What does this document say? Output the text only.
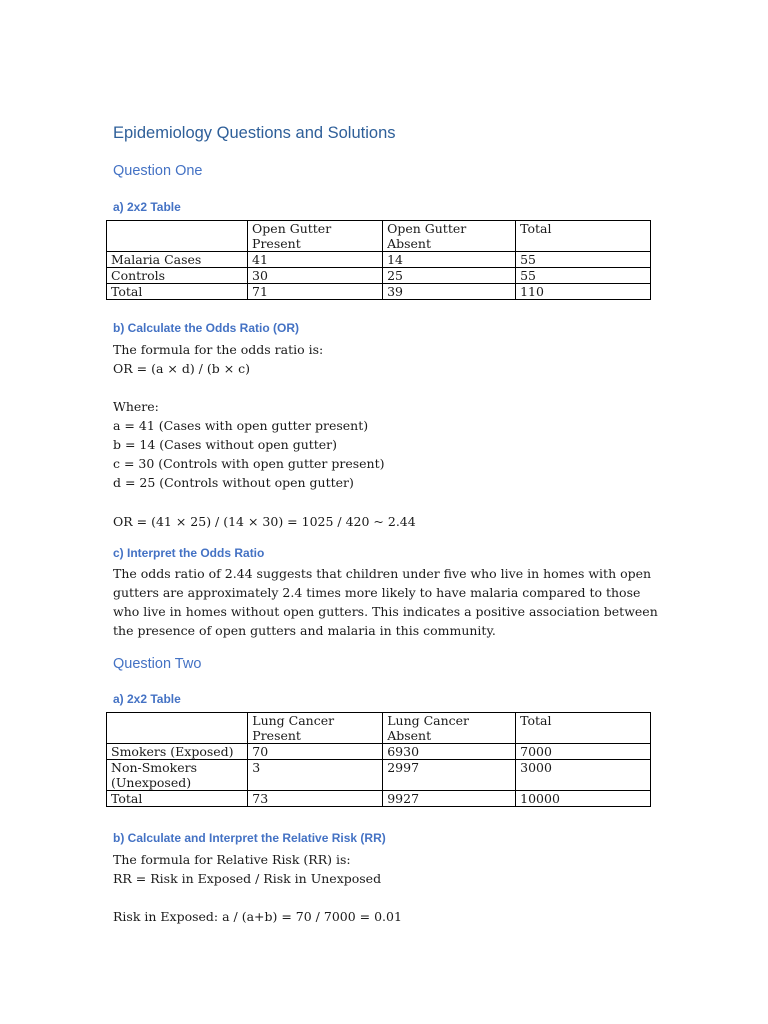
Epidemiology Questions and Solutions
Question One
a) 2x2 Table
	Open Gutter Present	Open Gutter Absent	Total
Malaria Cases	41	14	55
Controls	30	25	55
Total	71	39	110
b) Calculate the Odds Ratio (OR)
The formula for the odds ratio is:
OR = (a × d) / (b × c)
Where:
a = 41 (Cases with open gutter present)
b = 14 (Cases without open gutter)
c = 30 (Controls with open gutter present)
d = 25 (Controls without open gutter)
OR = (41 × 25) / (14 × 30) = 1025 / 420 ~ 2.44
c) Interpret the Odds Ratio
The odds ratio of 2.44 suggests that children under five who live in homes with open gutters are approximately 2.4 times more likely to have malaria compared to those who live in homes without open gutters. This indicates a positive association between the presence of open gutters and malaria in this community.
Question Two
a) 2x2 Table
	Lung Cancer Present	Lung Cancer Absent	Total
Smokers (Exposed)	70	6930	7000
Non-Smokers (Unexposed)	3	2997	3000
Total	73	9927	10000
b) Calculate and Interpret the Relative Risk (RR)
The formula for Relative Risk (RR) is:
RR = Risk in Exposed / Risk in Unexposed
Risk in Exposed: a / (a+b) = 70 / 7000 = 0.01
